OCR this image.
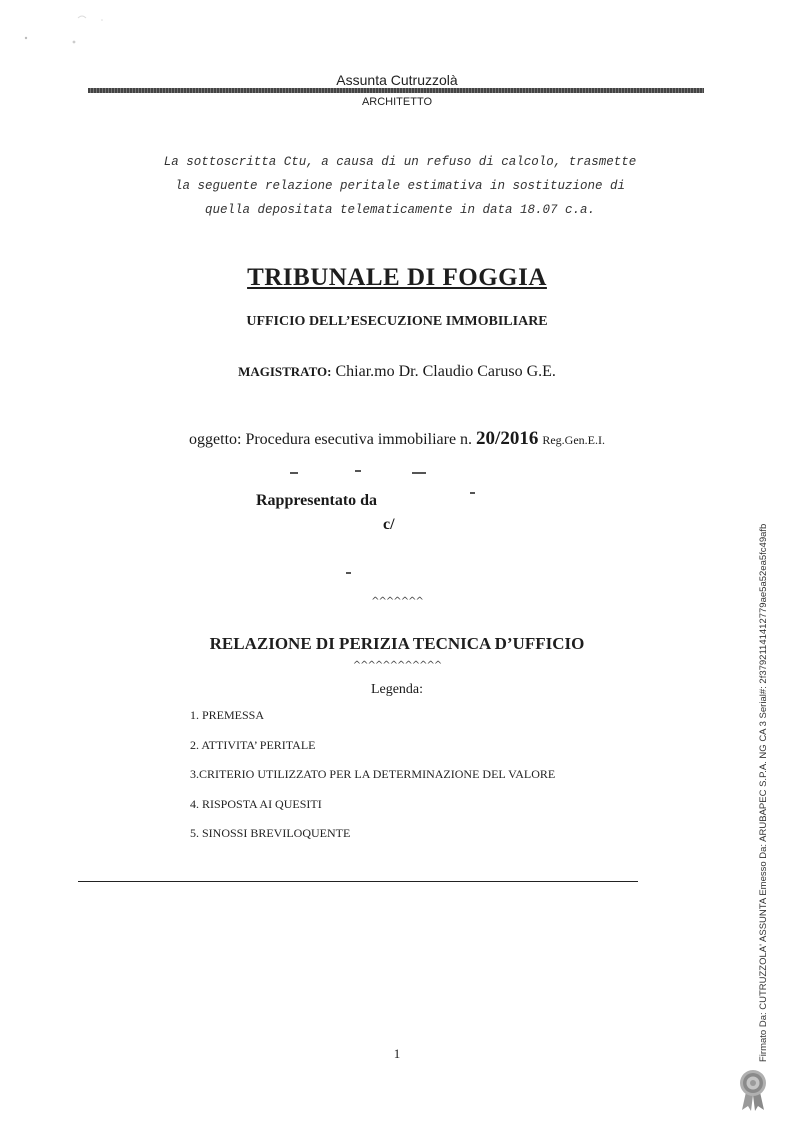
Assunta Cutruzzolà
ARCHITETTO
La sottoscritta Ctu, a causa di un refuso di calcolo, trasmette
la seguente relazione peritale estimativa in sostituzione di
quella depositata telematicamente in data 18.07 c.a.
TRIBUNALE DI FOGGIA
UFFICIO DELL’ESECUZIONE IMMOBILIARE
MAGISTRATO: Chiar.mo Dr. Claudio Caruso G.E.
oggetto: Procedura esecutiva immobiliare n. 20/2016 Reg.Gen.E.I.
Rappresentato da
c/
^^^^^^^
RELAZIONE DI PERIZIA TECNICA D’UFFICIO
^^^^^^^^^^^^
Legenda:
1. PREMESSA
2. ATTIVITA’ PERITALE
3.CRITERIO UTILIZZATO PER LA DETERMINAZIONE DEL VALORE
4. RISPOSTA AI QUESITI
5. SINOSSI BREVILOQUENTE
1	Firmato Da: CUTRUZZOLA' ASSUNTA Emesso Da: ARUBAPEC S.P.A. NG CA 3 Serial#: 2f37921141412779ae5a52ea5fc49afb
